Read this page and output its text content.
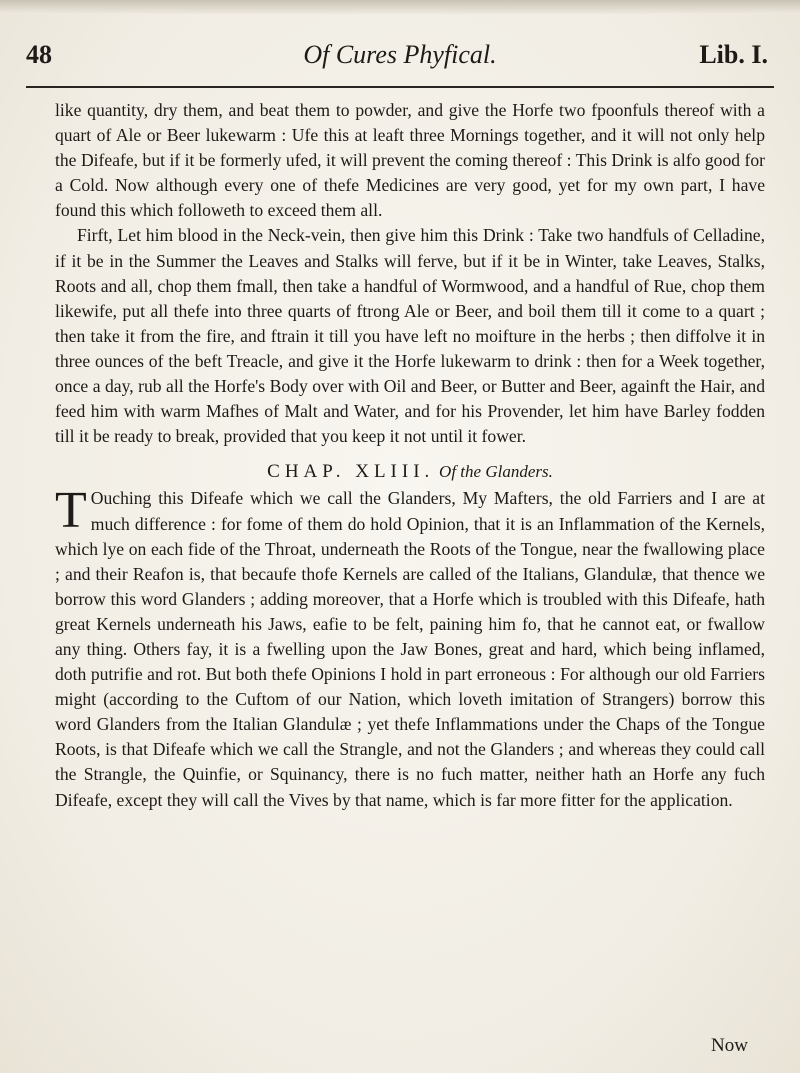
48	Of Cures Phyfical.	Lib. I.

like quantity, dry them, and beat them to powder, and give the Horfe two fpoonfuls thereof with a quart of Ale or Beer lukewarm : Ufe this at leaft three Mornings together, and it will not only help the Difeafe, but if it be formerly ufed, it will prevent the coming thereof : This Drink is alfo good for a Cold. Now although every one of thefe Medicines are very good, yet for my own part, I have found this which followeth to exceed them all.

Firft, Let him blood in the Neck-vein, then give him this Drink : Take two handfuls of Celladine, if it be in the Summer the Leaves and Stalks will ferve, but if it be in Winter, take Leaves, Stalks, Roots and all, chop them fmall, then take a handful of Wormwood, and a handful of Rue, chop them likewife, put all thefe into three quarts of ftrong Ale or Beer, and boil them till it come to a quart ; then take it from the fire, and ftrain it till you have left no moifture in the herbs ; then diffolve it in three ounces of the beft Treacle, and give it the Horfe lukewarm to drink : then for a Week together, once a day, rub all the Horfe's Body over with Oil and Beer, or Butter and Beer, againft the Hair, and feed him with warm Mafhes of Malt and Water, and for his Provender, let him have Barley fodden till it be ready to break, provided that you keep it not until it fower.

CHAP. XLIII. Of the Glanders.

T Ouching this Difeafe which we call the Glanders, My Mafters, the old Farriers and I are at much difference : for fome of them do hold Opinion, that it is an Inflammation of the Kernels, which lye on each fide of the Throat, underneath the Roots of the Tongue, near the fwallowing place ; and their Reafon is, that becaufe thofe Kernels are called of the Italians, Glandulæ, that thence we borrow this word Glanders ; adding moreover, that a Horfe which is troubled with this Difeafe, hath great Kernels underneath his Jaws, eafie to be felt, paining him fo, that he cannot eat, or fwallow any thing. Others fay, it is a fwelling upon the Jaw Bones, great and hard, which being inflamed, doth putrifie and rot. But both thefe Opinions I hold in part erroneous : For although our old Farriers might (according to the Cuftom of our Nation, which loveth imitation of Strangers) borrow this word Glanders from the Italian Glandulæ ; yet thefe Inflammations under the Chaps of the Tongue Roots, is that Difeafe which we call the Strangle, and not the Glanders ; and whereas they could call the Strangle, the Quinfie, or Squinancy, there is no fuch matter, neither hath an Horfe any fuch Difeafe, except they will call the Vives by that name, which is far more fitter for the application.

Now
